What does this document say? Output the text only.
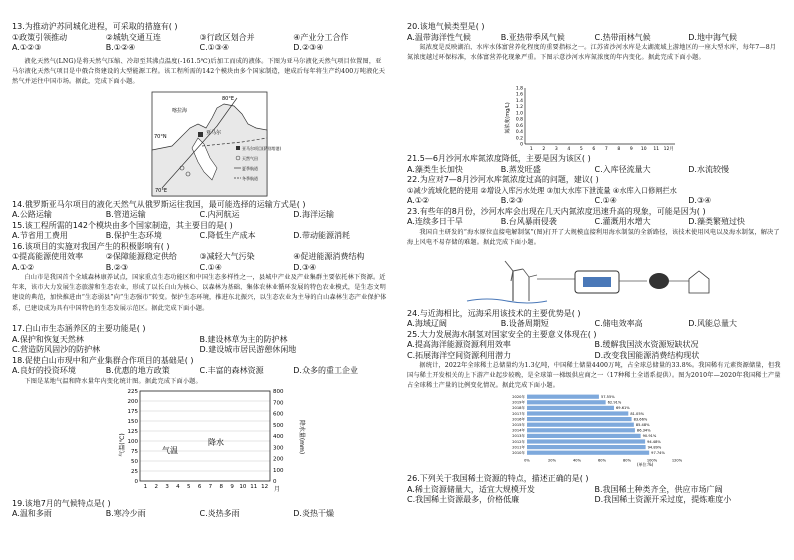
13.为推动沪苏同城化进程，可采取的措施有( )
①政策引领推动	②城轨交通互连	③行政区划合并	④产业分工合作
A.①②③	B.①②④	C.①③④	D.②③④
液化天然气(LNG)是将天然气压缩、冷却至其沸点温度(-161.5℃)后加工而成的液体。下图为亚马尔液化天然气项目位置图，亚马尔液化天然气项目是中俄合资建设的大型能源工程。该工程所需的142个模块由多个国家制造，建成后每年将生产约400万吨液化天然气并运往中国市场。据此，完成下面小题。
80°E
70°N
70°E
亚马尔
喀拉海
亚马尔项目(萨别塔港)
天然气田
夏季航道
冬季航道
14.俄罗斯亚马尔项目的液化天然气从俄罗斯运往我国，最可能选择的运输方式是( )
A.公路运输	B.管道运输	C.内河航运	D.海洋运输
15.该工程所需的142个模块由多个国家制造，其主要目的是( )
A.节省用工费用	B.保护生态环境	C.降低生产成本	D.带动能源消耗
16.该项目的实施对我国产生的积极影响有( )
①提高能源使用效率	②保障能源稳定供给	③减轻大气污染	④促进能源消费结构
A.①②	B.②③	C.①④	D.③④
白山市是我国首个全域森林康养试点，国家重点生态功能区和中国生态多样性之一，县城中产业及产业集群主要依托林下资源。近年来，该市大力发展生态旅游和生态农业，形成了以长白山为核心、以森林为基础、集体农林业循环发展的特色农业模式，是生态文明建设的典范，加快推进由“生态弱县”向“生态强市”转变。保护生态环境，推进东北振兴，以生态农业为主导的白山森林生态产业保护体系，已建设成为具有中国特色的生态发展示范区。据此完成下面小题。
17.白山市生态涵养区的主要功能是( )
A.保护和恢复天然林	B.建设林草为主的防护林
C.营造防风固沙的防护林	D.建设城市居民游憩休闲地
18.促使白山市现中和产业集群合作项目的基础是( )
A.良好的投资环境	B.优惠的地方政策	C.丰富的森林资源	D.众多的重工企业
下图是某地气温和降水量年内变化统计图。据此完成下面小题。
225
200
175
150
125
100
75
50
25
0
800
700
600
500
400
300
200
100
0
1 2 3 4 5 6 7 8 9 10 11 12
气温(℃)	降水量(mm)
气温
降水
月
19.该地7月的气候特点是( )
A.温和多雨	B.寒冷少雨	C.炎热多雨	D.炎热干燥
20.该地气候类型是( )
A.温带海洋性气候	B.亚热带季风气候	C.热带雨林气候	D.地中海气候
氮浓度是反映湖泊、水库水体富营养化程度的重要指标之一。江苏省沙河水库是太湖流域上游地区的一座大型水库，每年7—8月氮浓度越过环保标准，水体富营养化现象严重。下图示意沙河水库氮浓度的年内变化。据此完成下面小题。
氮浓度(mg/L)
1.8
1.6
1.4
1.2
1.0
0.8
0.6
0.4
0.2
0
1 2 3 4 5 6 7 8 9 10 11 12月
21.5—6月沙河水库氮浓度降低，主要是因为该区( )
A.藻类生长加快	B.蒸发旺盛	C.入库径流量大	D.水流较慢
22.为应对7—8月沙河水库氮浓度过高的问题，建议( )
①减少流域化肥的使用 ②增设入库污水处理 ③加大水库下泄流量 ④水库入口修闸拦水
A.①②	B.②③	C.①④	D.③④
23.有些年的8月份，沙河水库会出现在几天内氮浓度迅速升高的现象，可能是因为( )
A.连续多日干旱	B.台风暴雨侵袭	C.灌溉用水增大	D.藻类繁殖过快
我国自主研发的“海水原位直接电解制氢”(图)打开了大规模直接利用海水制氢的全新路径，该技术使用风电以及海水制氢，解决了海上风电不易存储的难题。据此完成下面小题。
24.与近海相比，远海采用该技术的主要优势是( )
A.海域辽阔	B.设备周期短	C.储电效率高	D.风能总量大
25.大力发展海水制氢对国家安全的主要意义体现在( )
A.提高海洋能源资源利用效率	B.缓解我国淡水资源短缺状况
C.拓展海洋空间资源利用潜力	D.改变我国能源消费结构现状
据统计，2022年全球稀土总储量约为1.3亿吨，中国稀土储量4400万吨，占全球总储量的33.8%。我国稀有元素资源储量，但我国与稀土开发相关的上下游产业起步较晚，是全球第一梯级供应商之一（17种稀土全谱系提供）。图为2010年—2020年我国稀土产量占全球稀土产量的比例变化情况。据此完成下面小题。
2020年	57.55%
2019年	62.91%
2018年	69.61%
2017年	81.05%
2016年	83.66%
2015年	85.48%
2014年	86.34%
2013年	90.91%
2012年	94.48%
2011年	94.89%
2010年	97.74%
0%	20%	40%	60%	80%	100%	120%
(单位:%)
26.下列关于我国稀土资源的特点，描述正确的是( )
A.稀土资源储量大，适宜大规模开发	B.我国稀土种类齐全，供应市场广阔
C.我国稀土资源最多，价格低廉	D.我国稀土资源开采过度，提炼难度小
